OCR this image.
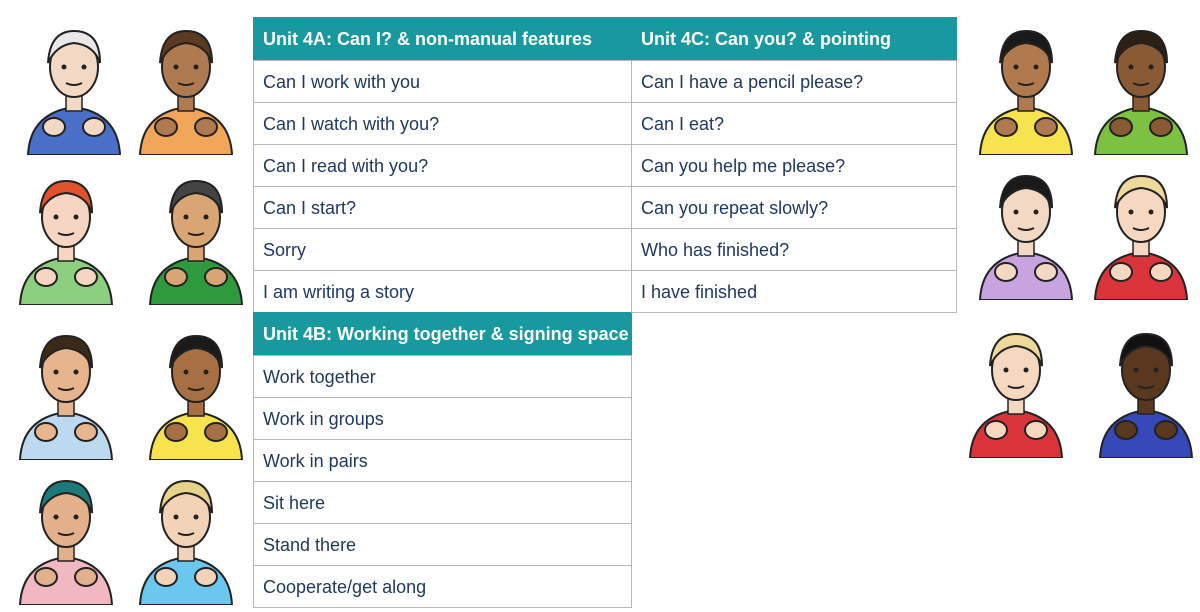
Unit 4A: Can I? & non-manual features
Can I work with you
Can I watch with you?
Can I read with you?
Can I start?
Sorry
I am writing a story
Unit 4B: Working together & signing space
Work together
Work in groups
Work in pairs
Sit here
Stand there
Cooperate/get along
Unit 4C: Can you? & pointing
Can I have a pencil please?
Can I eat?
Can you help me please?
Can you repeat slowly?
Who has finished?
I have finished
